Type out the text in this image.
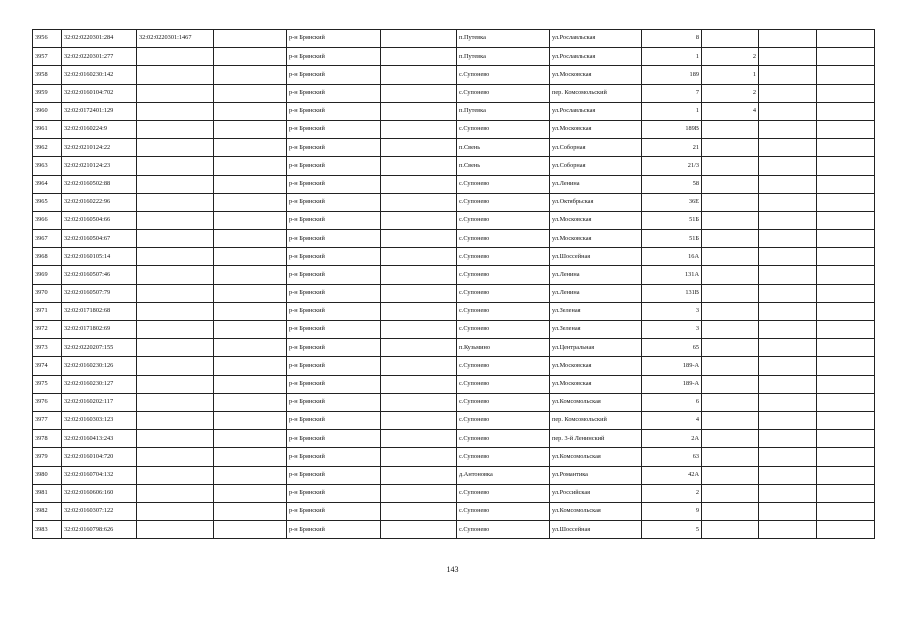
3956	32:02:0220301:284	32:02:0220301:1467		р-н Брянский		п.Путевка	ул.Рославльская	8			
3957	32:02:0220301:277			р-н Брянский		п.Путевка	ул.Рославльская	1	2		
3958	32:02:0160230:142			р-н Брянский		с.Супонево	ул.Московская	189	1		
3959	32:02:0160104:702			р-н Брянский		с.Супонево	пер. Комсомольский	7	2		
3960	32:02:0172401:129			р-н Брянский		п.Путевка	ул.Рославльская	1	4		
3961	32:02:0160224:9			р-н Брянский		с.Супонево	ул.Московская	189В			
3962	32:02:0210124:22			р-н Брянский		п.Свень	ул.Соборная	21			
3963	32:02:0210124:23			р-н Брянский		п.Свень	ул.Соборная	21/3			
3964	32:02:0160502:88			р-н Брянский		с.Супонево	ул.Ленина	58			
3965	32:02:0160222:96			р-н Брянский		с.Супонево	ул.Октябрьская	36Е			
3966	32:02:0160504:66			р-н Брянский		с.Супонево	ул.Московская	51Б			
3967	32:02:0160504:67			р-н Брянский		с.Супонево	ул.Московская	51Б			
3968	32:02:0160105:14			р-н Брянский		с.Супонево	ул.Шоссейная	16А			
3969	32:02:0160507:46			р-н Брянский		с.Супонево	ул.Ленина	131А			
3970	32:02:0160507:79			р-н Брянский		с.Супонево	ул.Ленина	131В			
3971	32:02:0171802:68			р-н Брянский		с.Супонево	ул.Зеленая	3			
3972	32:02:0171802:69			р-н Брянский		с.Супонево	ул.Зеленая	3			
3973	32:02:0220207:155			р-н Брянский		п.Кузьмино	ул.Центральная	65			
3974	32:02:0160230:126			р-н Брянский		с.Супонево	ул.Московская	189-А			
3975	32:02:0160230:127			р-н Брянский		с.Супонево	ул.Московская	189-А			
3976	32:02:0160202:117			р-н Брянский		с.Супонево	ул.Комсомольская	6			
3977	32:02:0160303:123			р-н Брянский		с.Супонево	пер. Комсомольский	4			
3978	32:02:0160413:243			р-н Брянский		с.Супонево	пер. 3-й Ленинский	2А			
3979	32:02:0160104:720			р-н Брянский		с.Супонево	ул.Комсомольская	63			
3980	32:02:0160704:132			р-н Брянский		д.Антоновка	ул.Романтика	42А			
3981	32:02:0160606:160			р-н Брянский		с.Супонево	ул.Российская	2			
3982	32:02:0160307:122			р-н Брянский		с.Супонево	ул.Комсомольская	9			
3983	32:02:0160798:626			р-н Брянский		с.Супонево	ул.Шоссейная	5			
143
